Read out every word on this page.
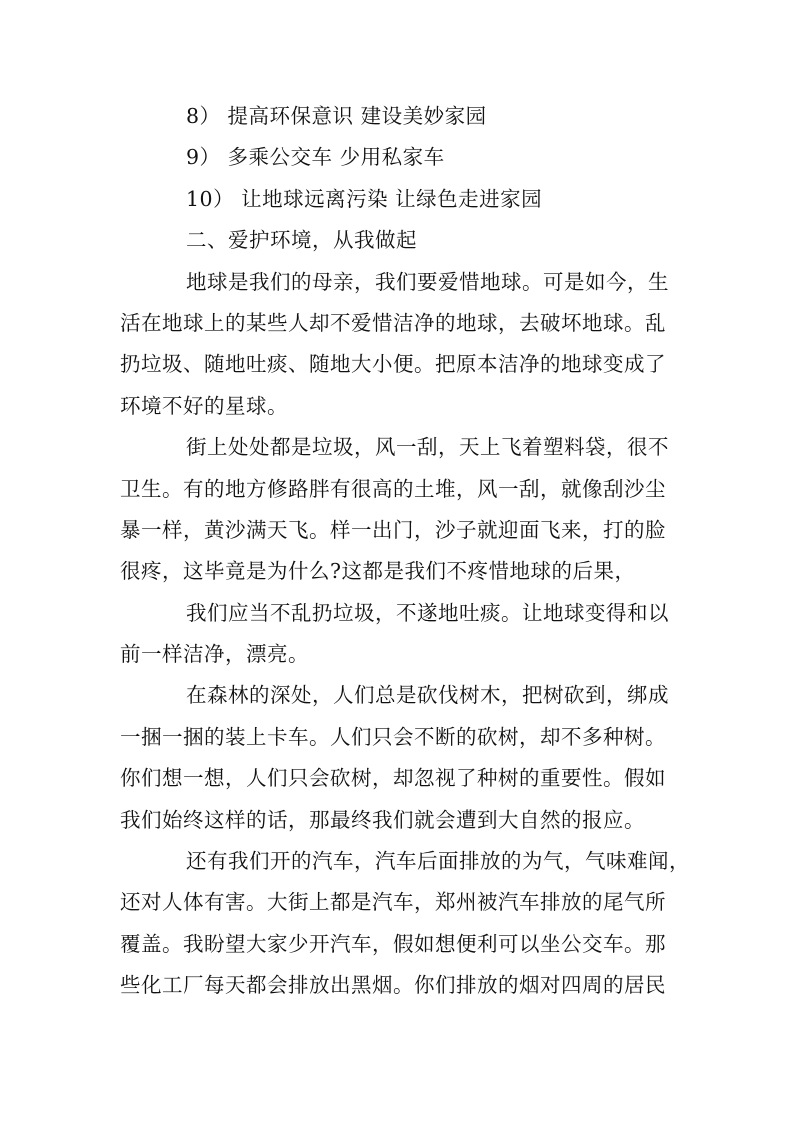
8） 提高环保意识 建设美妙家园
9） 多乘公交车 少用私家车
10） 让地球远离污染 让绿色走进家园
二、爱护环境，从我做起

地球是我们的母亲，我们要爱惜地球。可是如今，生

活在地球上的某些人却不爱惜洁净的地球，去破坏地球。乱

扔垃圾、随地吐痰、随地大小便。把原本洁净的地球变成了

环境不好的星球。

街上处处都是垃圾，风一刮，天上飞着塑料袋，很不

卫生。有的地方修路胖有很高的土堆，风一刮，就像刮沙尘

暴一样，黄沙满天飞。样一出门，沙子就迎面飞来，打的脸

很疼，这毕竟是为什么?这都是我们不疼惜地球的后果，

我们应当不乱扔垃圾，不遂地吐痰。让地球变得和以

前一样洁净，漂亮。

在森林的深处，人们总是砍伐树木，把树砍到，绑成

一捆一捆的装上卡车。人们只会不断的砍树，却不多种树。

你们想一想，人们只会砍树，却忽视了种树的重要性。假如

我们始终这样的话，那最终我们就会遭到大自然的报应。

还有我们开的汽车，汽车后面排放的为气，气味难闻，

还对人体有害。大街上都是汽车，郑州被汽车排放的尾气所

覆盖。我盼望大家少开汽车，假如想便利可以坐公交车。那

些化工厂每天都会排放出黑烟。你们排放的烟对四周的居民
